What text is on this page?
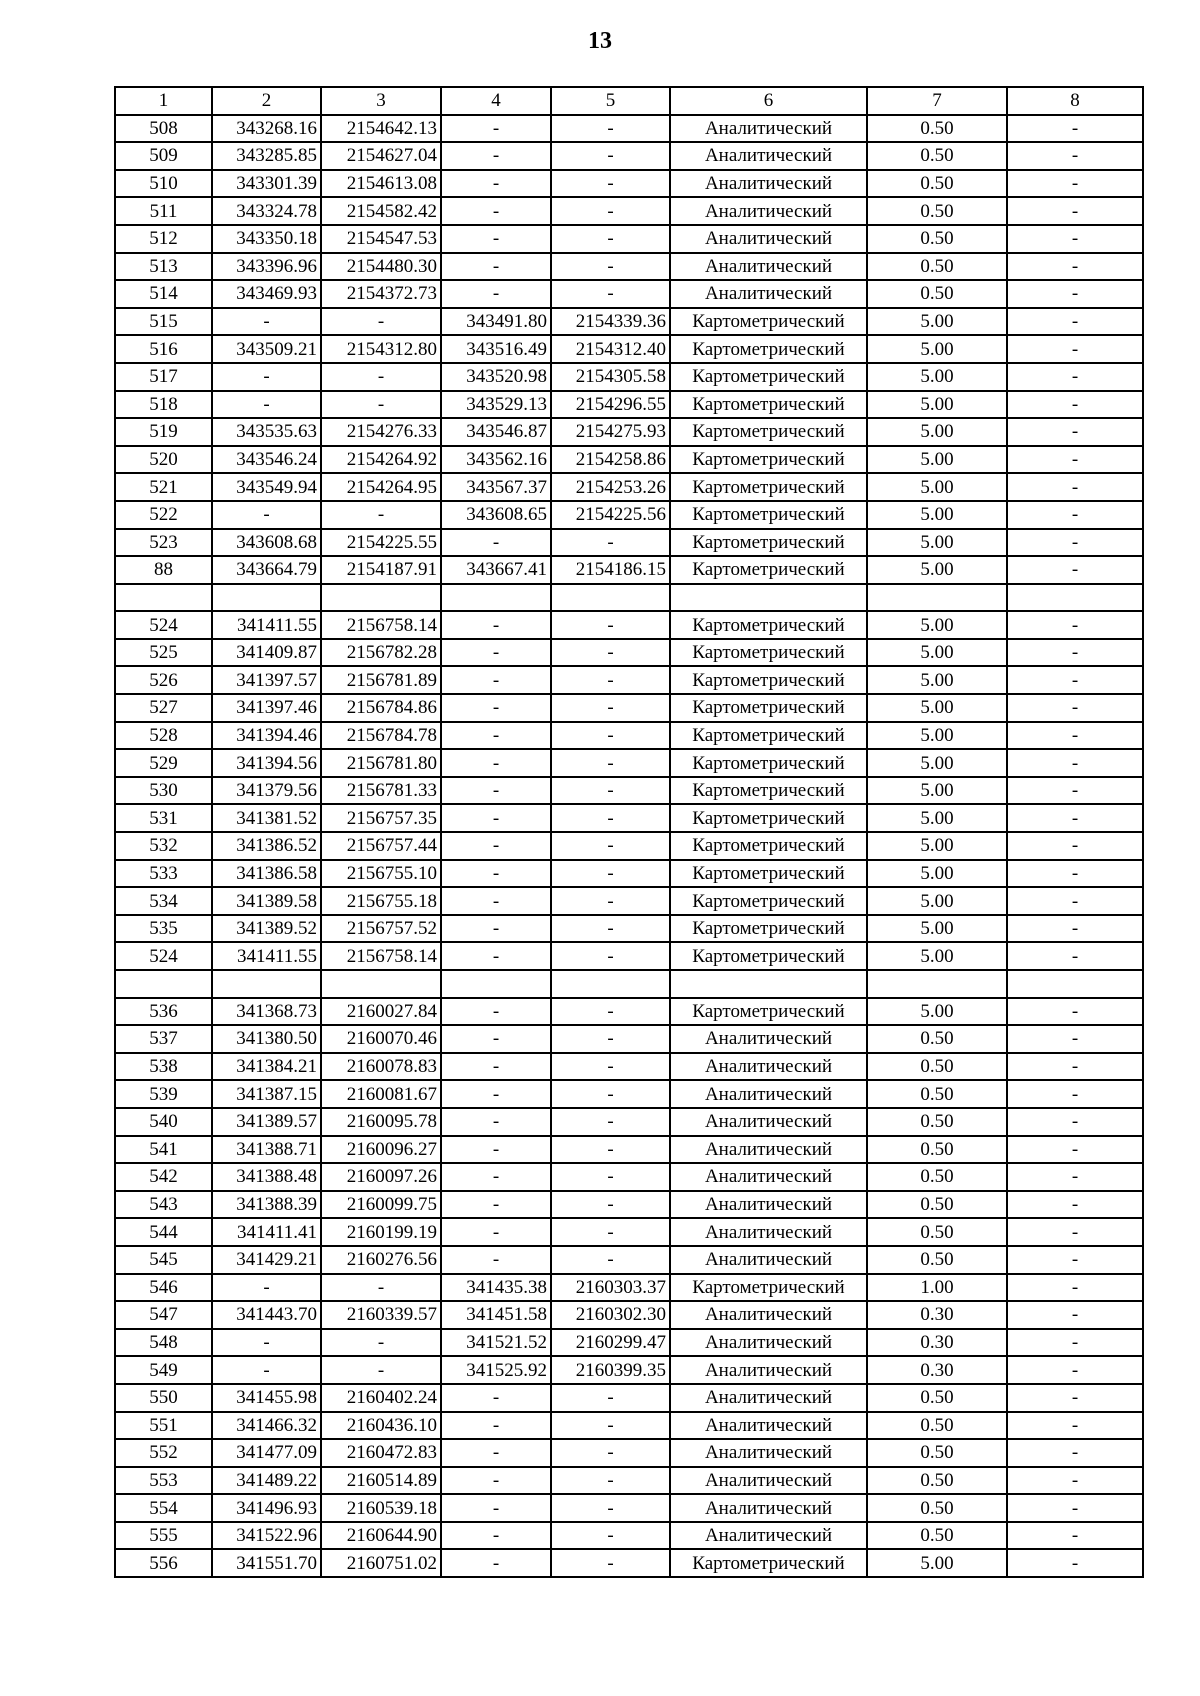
13
1	2	3	4	5	6	7	8
508	343268.16	2154642.13	-	-	Аналитический	0.50	-
509	343285.85	2154627.04	-	-	Аналитический	0.50	-
510	343301.39	2154613.08	-	-	Аналитический	0.50	-
511	343324.78	2154582.42	-	-	Аналитический	0.50	-
512	343350.18	2154547.53	-	-	Аналитический	0.50	-
513	343396.96	2154480.30	-	-	Аналитический	0.50	-
514	343469.93	2154372.73	-	-	Аналитический	0.50	-
515	-	-	343491.80	2154339.36	Картометрический	5.00	-
516	343509.21	2154312.80	343516.49	2154312.40	Картометрический	5.00	-
517	-	-	343520.98	2154305.58	Картометрический	5.00	-
518	-	-	343529.13	2154296.55	Картометрический	5.00	-
519	343535.63	2154276.33	343546.87	2154275.93	Картометрический	5.00	-
520	343546.24	2154264.92	343562.16	2154258.86	Картометрический	5.00	-
521	343549.94	2154264.95	343567.37	2154253.26	Картометрический	5.00	-
522	-	-	343608.65	2154225.56	Картометрический	5.00	-
523	343608.68	2154225.55	-	-	Картометрический	5.00	-
88	343664.79	2154187.91	343667.41	2154186.15	Картометрический	5.00	-

524	341411.55	2156758.14	-	-	Картометрический	5.00	-
525	341409.87	2156782.28	-	-	Картометрический	5.00	-
526	341397.57	2156781.89	-	-	Картометрический	5.00	-
527	341397.46	2156784.86	-	-	Картометрический	5.00	-
528	341394.46	2156784.78	-	-	Картометрический	5.00	-
529	341394.56	2156781.80	-	-	Картометрический	5.00	-
530	341379.56	2156781.33	-	-	Картометрический	5.00	-
531	341381.52	2156757.35	-	-	Картометрический	5.00	-
532	341386.52	2156757.44	-	-	Картометрический	5.00	-
533	341386.58	2156755.10	-	-	Картометрический	5.00	-
534	341389.58	2156755.18	-	-	Картометрический	5.00	-
535	341389.52	2156757.52	-	-	Картометрический	5.00	-
524	341411.55	2156758.14	-	-	Картометрический	5.00	-

536	341368.73	2160027.84	-	-	Картометрический	5.00	-
537	341380.50	2160070.46	-	-	Аналитический	0.50	-
538	341384.21	2160078.83	-	-	Аналитический	0.50	-
539	341387.15	2160081.67	-	-	Аналитический	0.50	-
540	341389.57	2160095.78	-	-	Аналитический	0.50	-
541	341388.71	2160096.27	-	-	Аналитический	0.50	-
542	341388.48	2160097.26	-	-	Аналитический	0.50	-
543	341388.39	2160099.75	-	-	Аналитический	0.50	-
544	341411.41	2160199.19	-	-	Аналитический	0.50	-
545	341429.21	2160276.56	-	-	Аналитический	0.50	-
546	-	-	341435.38	2160303.37	Картометрический	1.00	-
547	341443.70	2160339.57	341451.58	2160302.30	Аналитический	0.30	-
548	-	-	341521.52	2160299.47	Аналитический	0.30	-
549	-	-	341525.92	2160399.35	Аналитический	0.30	-
550	341455.98	2160402.24	-	-	Аналитический	0.50	-
551	341466.32	2160436.10	-	-	Аналитический	0.50	-
552	341477.09	2160472.83	-	-	Аналитический	0.50	-
553	341489.22	2160514.89	-	-	Аналитический	0.50	-
554	341496.93	2160539.18	-	-	Аналитический	0.50	-
555	341522.96	2160644.90	-	-	Аналитический	0.50	-
556	341551.70	2160751.02	-	-	Картометрический	5.00	-
